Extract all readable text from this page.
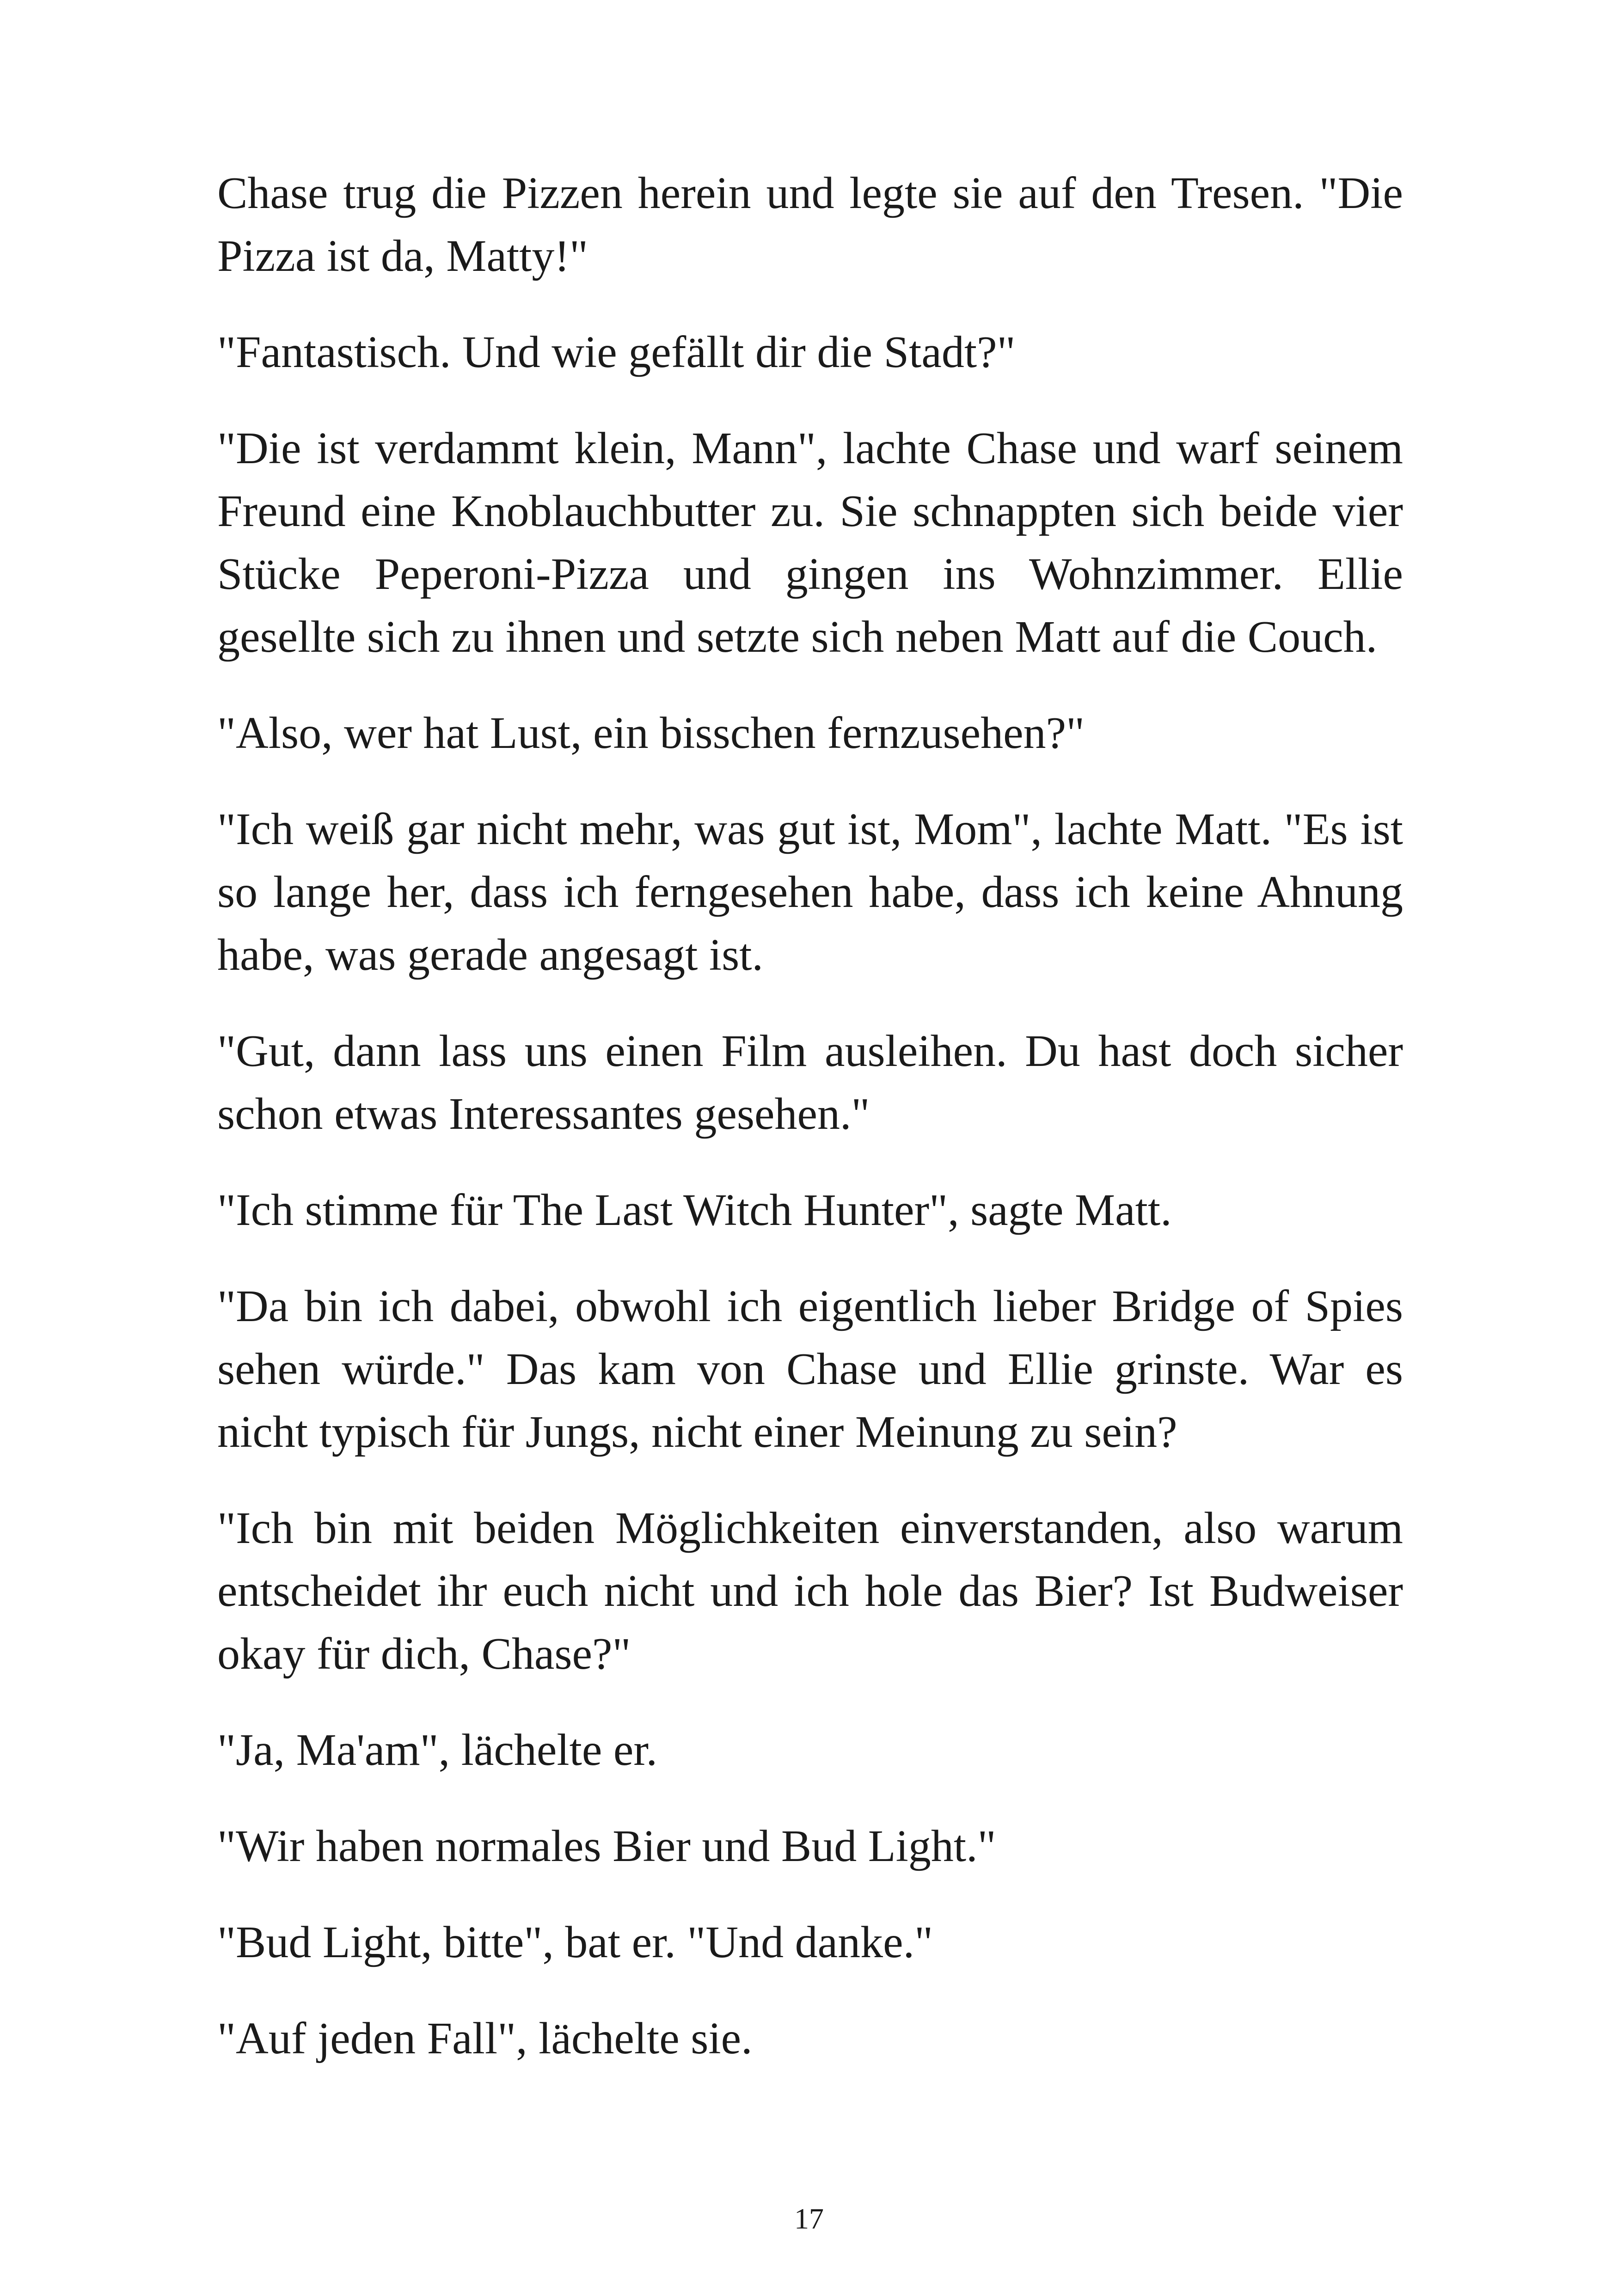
Chase trug die Pizzen herein und legte sie auf den Tresen. "Die Pizza ist da, Matty!"

"Fantastisch. Und wie gefällt dir die Stadt?"

"Die ist verdammt klein, Mann", lachte Chase und warf seinem Freund eine Knoblauchbutter zu. Sie schnappten sich beide vier Stücke Peperoni-Pizza und gingen ins Wohnzimmer. Ellie gesellte sich zu ihnen und setzte sich neben Matt auf die Couch.

"Also, wer hat Lust, ein bisschen fernzusehen?"

"Ich weiß gar nicht mehr, was gut ist, Mom", lachte Matt. "Es ist so lange her, dass ich ferngesehen habe, dass ich keine Ahnung habe, was gerade angesagt ist.

"Gut, dann lass uns einen Film ausleihen. Du hast doch sicher schon etwas Interessantes gesehen."

"Ich stimme für The Last Witch Hunter", sagte Matt.

"Da bin ich dabei, obwohl ich eigentlich lieber Bridge of Spies sehen würde." Das kam von Chase und Ellie grinste. War es nicht typisch für Jungs, nicht einer Meinung zu sein?

"Ich bin mit beiden Möglichkeiten einverstanden, also warum entscheidet ihr euch nicht und ich hole das Bier? Ist Budweiser okay für dich, Chase?"

"Ja, Ma'am", lächelte er.

"Wir haben normales Bier und Bud Light."

"Bud Light, bitte", bat er. "Und danke."

"Auf jeden Fall", lächelte sie.

17
